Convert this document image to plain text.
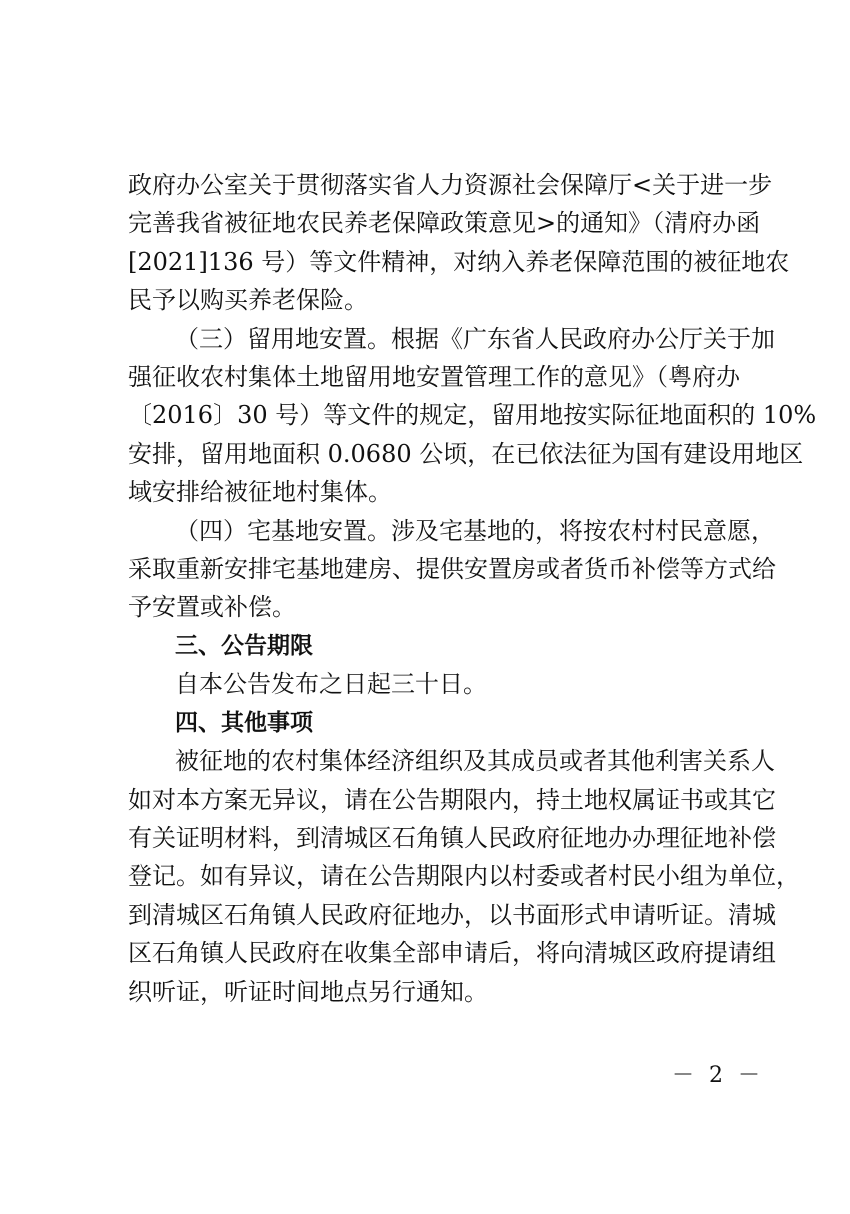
政府办公室关于贯彻落实省人力资源社会保障厅<关于进一步
完善我省被征地农民养老保障政策意见>的通知》（清府办函
[2021]136 号）等文件精神，对纳入养老保障范围的被征地农
民予以购买养老保险。
（三）留用地安置。根据《广东省人民政府办公厅关于加
强征收农村集体土地留用地安置管理工作的意见》（粤府办
〔2016〕30 号）等文件的规定，留用地按实际征地面积的 10%
安排，留用地面积 0.0680 公顷，在已依法征为国有建设用地区
域安排给被征地村集体。
（四）宅基地安置。涉及宅基地的，将按农村村民意愿，
采取重新安排宅基地建房、提供安置房或者货币补偿等方式给
予安置或补偿。
三、公告期限
自本公告发布之日起三十日。
四、其他事项
被征地的农村集体经济组织及其成员或者其他利害关系人
如对本方案无异议，请在公告期限内，持土地权属证书或其它
有关证明材料，到清城区石角镇人民政府征地办办理征地补偿
登记。如有异议，请在公告期限内以村委或者村民小组为单位，
到清城区石角镇人民政府征地办，以书面形式申请听证。清城
区石角镇人民政府在收集全部申请后，将向清城区政府提请组
织听证，听证时间地点另行通知。
－ 2 －
